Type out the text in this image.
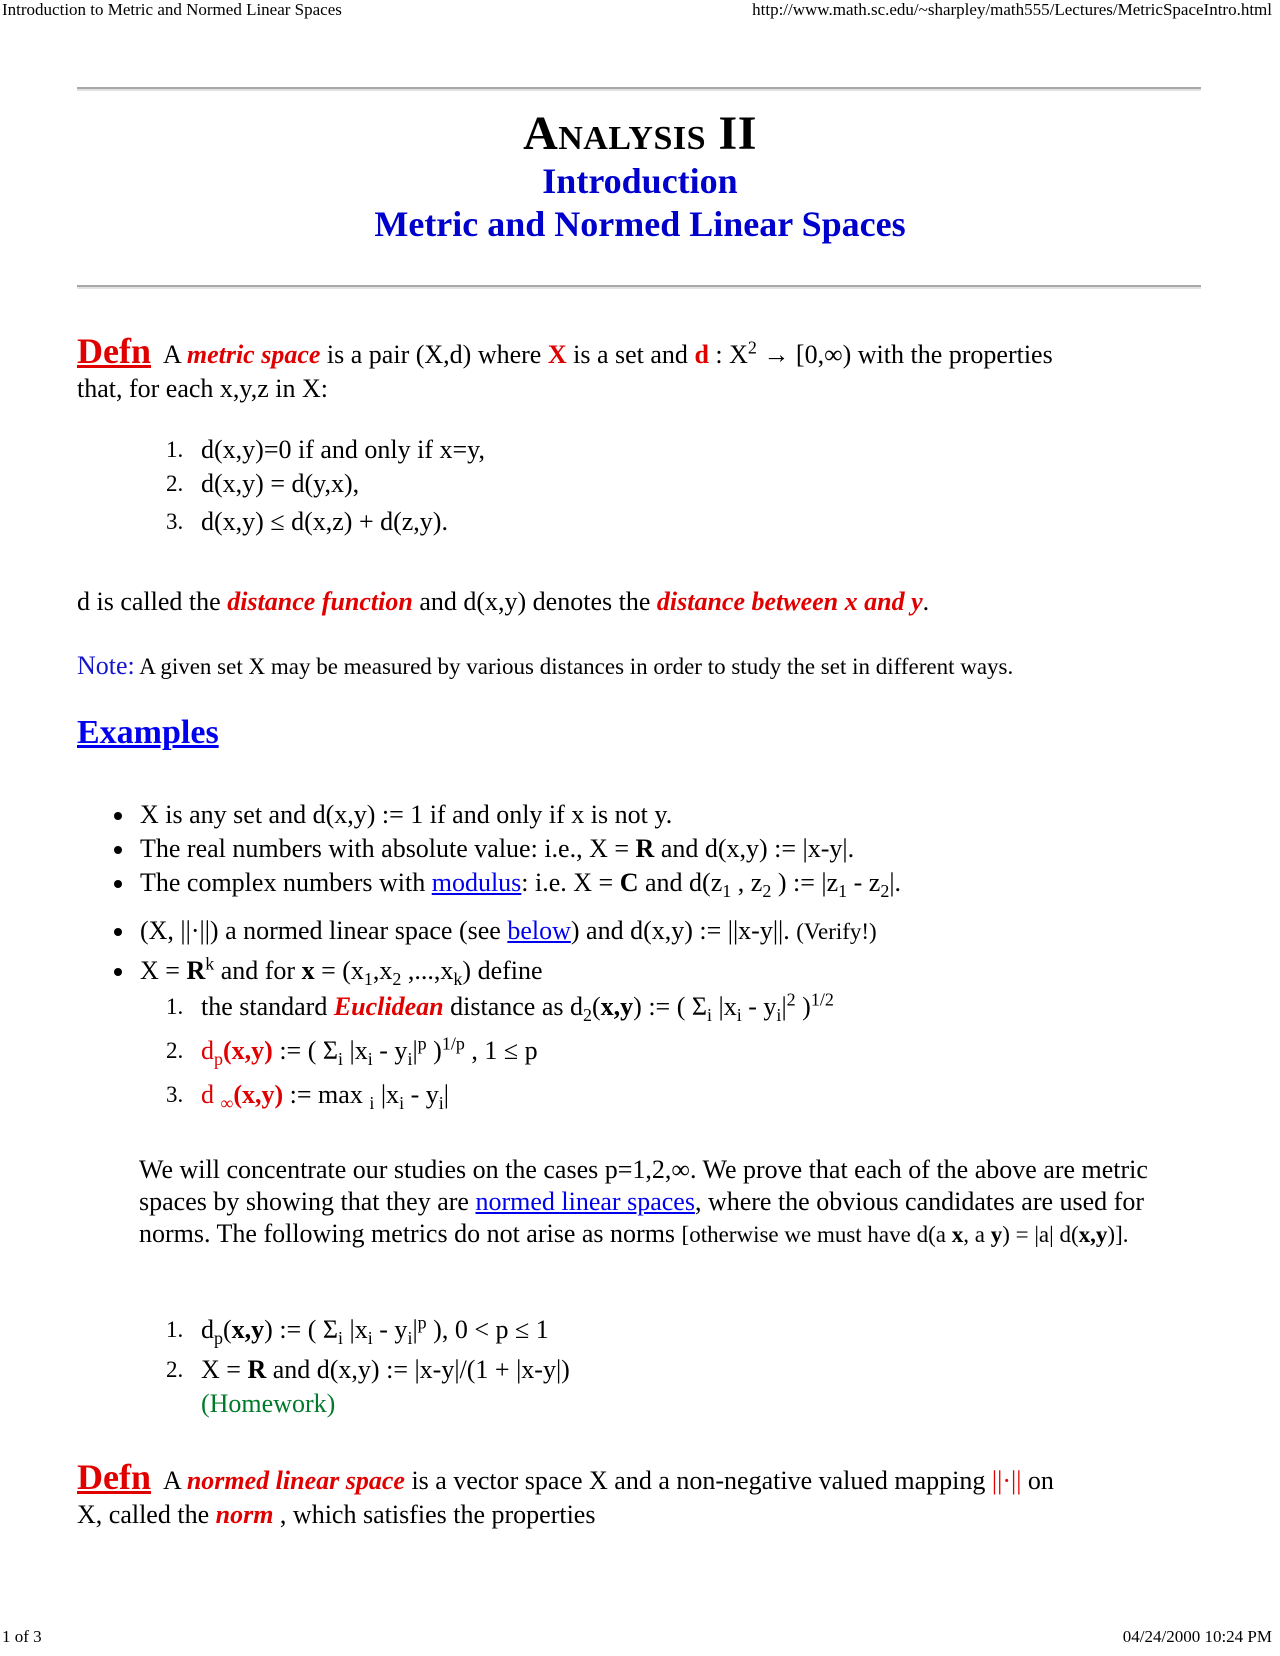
Introduction to Metric and Normed Linear Spaces	http://www.math.sc.edu/~sharpley/math555/Lectures/MetricSpaceIntro.html
1 of 3	04/24/2000 10:24 PM
Analysis II
Introduction
Metric and Normed Linear Spaces
Defn A metric space is a pair (X,d) where X is a set and d : $X^2 \to [0,\infty)$ with the properties
that, for each x,y,z in X:
1. d(x,y)=0 if and only if x=y,
2. d(x,y) = d(y,x),
3. d(x,y) ≤ d(x,z) + d(z,y).
d is called the distance function and d(x,y) denotes the distance between x and y.
Note: A given set X may be measured by various distances in order to study the set in different ways.
Examples
X is any set and d(x,y) := 1 if and only if x is not y.
The real numbers with absolute value: i.e., X = R and d(x,y) := |x-y|.
The complex numbers with modulus: i.e. X = C and $d(z_1$ , $z_2$ ) := $|z_1 - z_2|$.
(X, ||·||) a normed linear space (see below) and d(x,y) := ||x-y||. (Verify!)
$X = R^k$ and for $x = (x_1,x_2$ $,...,x_k$) define
1. the standard Euclidean distance as $d_2(x,y)$ := ( $\Sigma_i$ $|x_i - y_i|^2$ )$^{1/2}$
2. $d_p(x,y)$ := ( $\Sigma_i$ $|x_i - y_i|^p$ )$^{1/p}$ , 1 ≤ p
3. d $_\infty$(x,y) := max $_i$ $|x_i - y_i|$
We will concentrate our studies on the cases p=1,2,∞. We prove that each of the above are metric spaces by showing that they are normed linear spaces, where the obvious candidates are used for norms. The following metrics do not arise as norms [otherwise we must have d(a x, a y) = |a| d(x,y)].
1. $d_p(x,y)$ := ( $\Sigma_i$ $|x_i - y_i|^p$ ), 0 < p ≤ 1
2. X = R and d(x,y) := |x-y|/(1 + |x-y|)
(Homework)
Defn A normed linear space is a vector space X and a non-negative valued mapping ||·|| on
X, called the norm , which satisfies the properties
